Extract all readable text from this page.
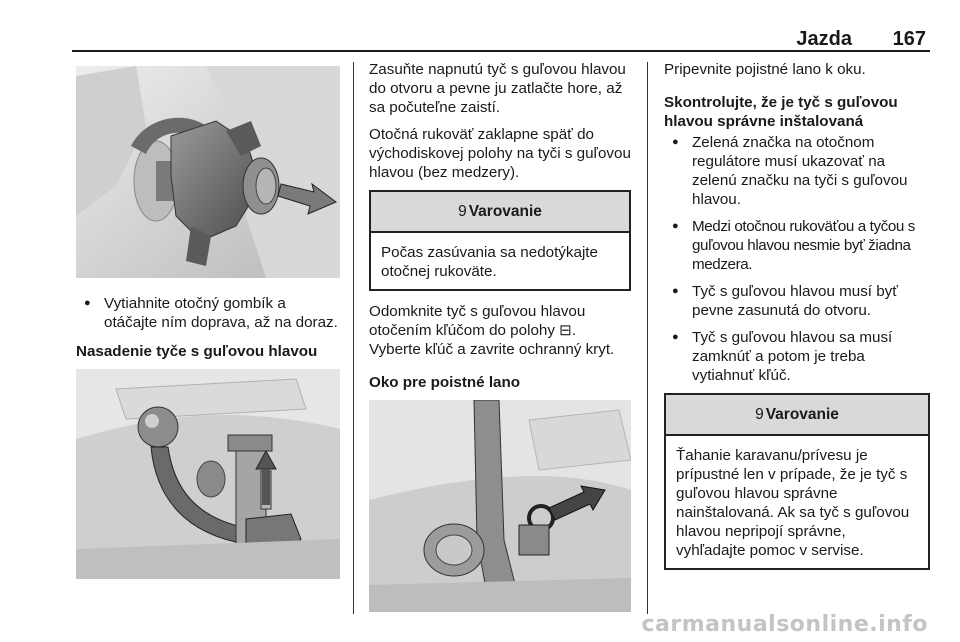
Jazda 167
● Vytiahnite otočný gombík a otáčajte ním doprava, až na doraz.
Nasadenie tyče s guľovou hlavou

Zasuňte napnutú tyč s guľovou hlavou do otvoru a pevne ju zatlačte hore, až sa počuteľne zaistí.

Otočná rukoväť zaklapne späť do východiskovej polohy na tyči s guľovou hlavou (bez medzery).

9 Varovanie
Počas zasúvania sa nedotýkajte otočnej rukoväte.

Odomknite tyč s guľovou hlavou otočením kľúčom do polohy ⊟.

Vyberte kľúč a zavrite ochranný kryt.

Oko pre poistné lano

Pripevnite pojistné lano k oku.

Skontrolujte, že je tyč s guľovou hlavou správne inštalovaná
● Zelená značka na otočnom regulátore musí ukazovať na zelenú značku na tyči s guľovou hlavou.
● Medzi otočnou rukoväťou a tyčou s guľovou hlavou nesmie byť žiadna medzera.
● Tyč s guľovou hlavou musí byť pevne zasunutá do otvoru.
● Tyč s guľovou hlavou sa musí zamknúť a potom je treba vytiahnuť kľúč.
9 Varovanie
Ťahanie karavanu/prívesu je prípustné len v prípade, že je tyč s guľovou hlavou správne nainštalovaná. Ak sa tyč s guľovou hlavou nepripojí správne, vyhľadajte pomoc v servise.
carmanualsonline.info
